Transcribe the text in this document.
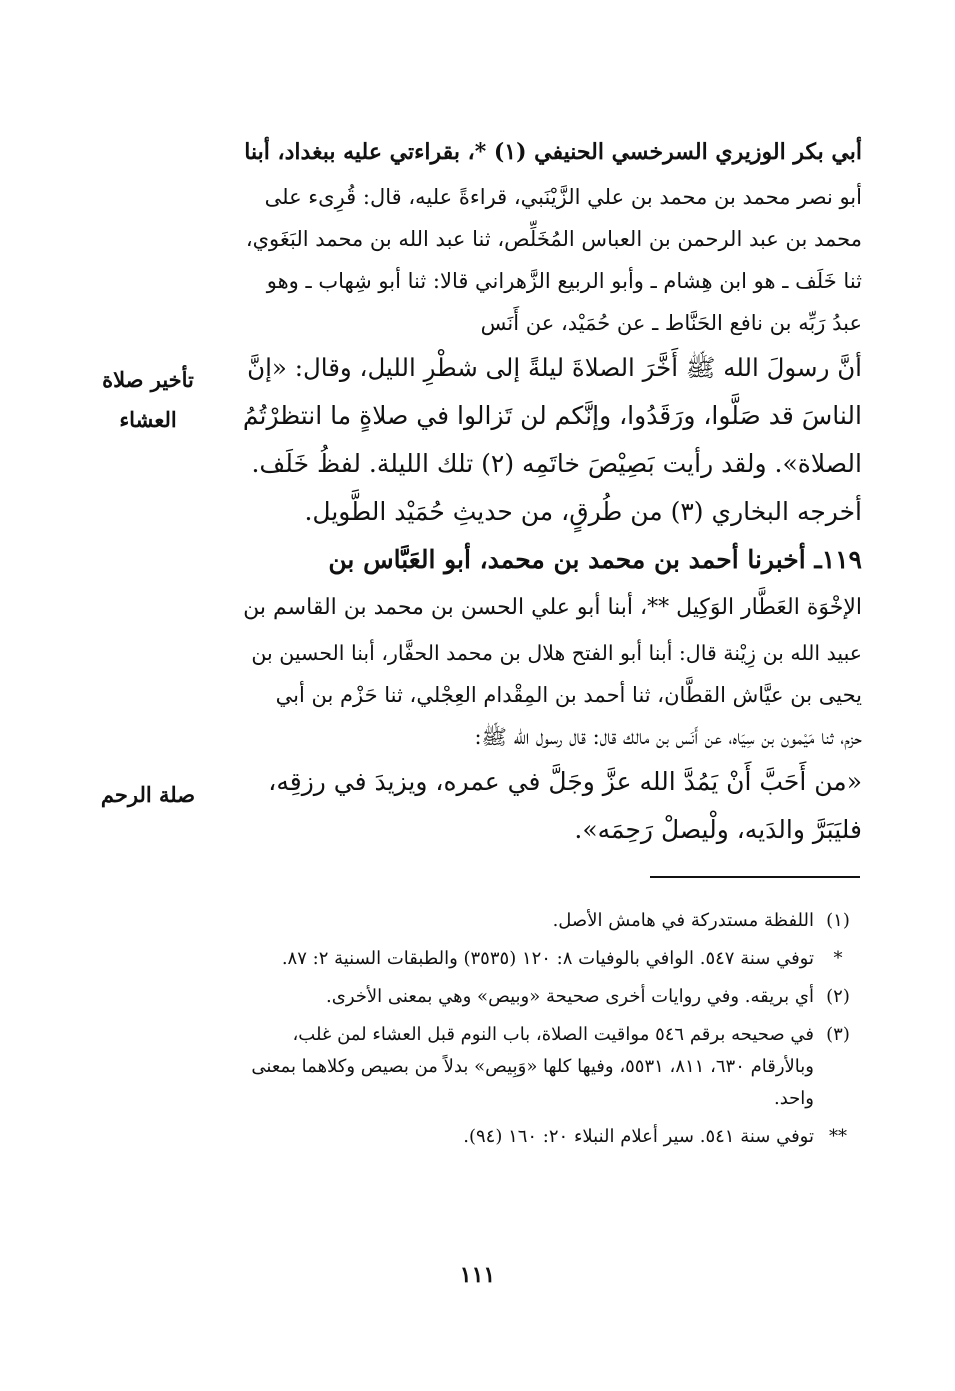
أبي بكر الوزيري السرخسي الحنيفي (١) *، بقراءتي عليه ببغداد، أبنا
أبو نصر محمد بن محمد بن علي الزَّيْنَبي، قراءةً عليه، قال: قُرِىء على
محمد بن عبد الرحمن بن العباس المُخَلِّص، ثنا عبد الله بن محمد البَغَوي،
ثنا خَلَف ـ هو ابن هِشام ـ وأبو الربيع الزَّهراني قالا: ثنا أبو شِهاب ـ وهو
عبدُ رَبِّه بن نافع الحَنَّاط ـ عن حُمَيْد، عن أَنَس
أنَّ رسولَ الله ﷺ أَخَّرَ الصلاةَ ليلةً إلى شطْرِ الليل، وقال: «إنَّ
الناسَ قد صَلَّوا، ورَقَدُوا، وإنَّكم لن تَزالوا في صلاةٍ ما انتظرْتُمُ
الصلاة». ولقد رأيت بَصِيْصَ خاتَمِه (٢) تلك الليلة. لفظُ خَلَف.
أخرجه البخاري (٣) من طُرقٍ، من حديثِ حُمَيْد الطَّويل.
١١٩ـ أخبرنا أحمد بن محمد بن محمد، أبو العَبَّاس بن
الإخْوَة العَطَّار الوَكِيل **، أبنا أبو علي الحسن بن محمد بن القاسم بن
عبيد الله بن زِيْنة قال: أبنا أبو الفتح هلال بن محمد الحفَّار، أبنا الحسين بن
يحيى بن عيَّاش القطَّان، ثنا أحمد بن المِقْدام العِجْلي، ثنا حَزْم بن أبي
حزم، ثنا مَيْمون بن سِيَاه، عن أَنَس بن مالك قال: قال رسول الله ﷺ:
«من أَحَبَّ أَنْ يَمُدَّ الله عزَّ وجَلَّ في عمره، ويزيدَ في رزقِه،
فليَبَرَّ والدَيه، ولْيصلْ رَحِمَه».
تأخير صلاة
العشاء
صلة الرحم
(١)
اللفظة مستدركة في هامش الأصل.
*
توفي سنة ٥٤٧. الوافي بالوفيات ٨: ١٢٠ (٣٥٣٥) والطبقات السنية ٢: ٨٧.
(٢)
أي بريقه. وفي روايات أخرى صحيحة «وبيص» وهي بمعنى الأخرى.
(٣)
في صحيحه برقم ٥٤٦ مواقيت الصلاة، باب النوم قبل العشاء لمن غلب، وبالأرقام ٦٣٠، ٨١١، ٥٥٣١، وفيها كلها «وَبِيص» بدلاً من بصيص وكلاهما بمعنى واحد.
**
توفي سنة ٥٤١. سير أعلام النبلاء ٢٠: ١٦٠ (٩٤).
١١١
